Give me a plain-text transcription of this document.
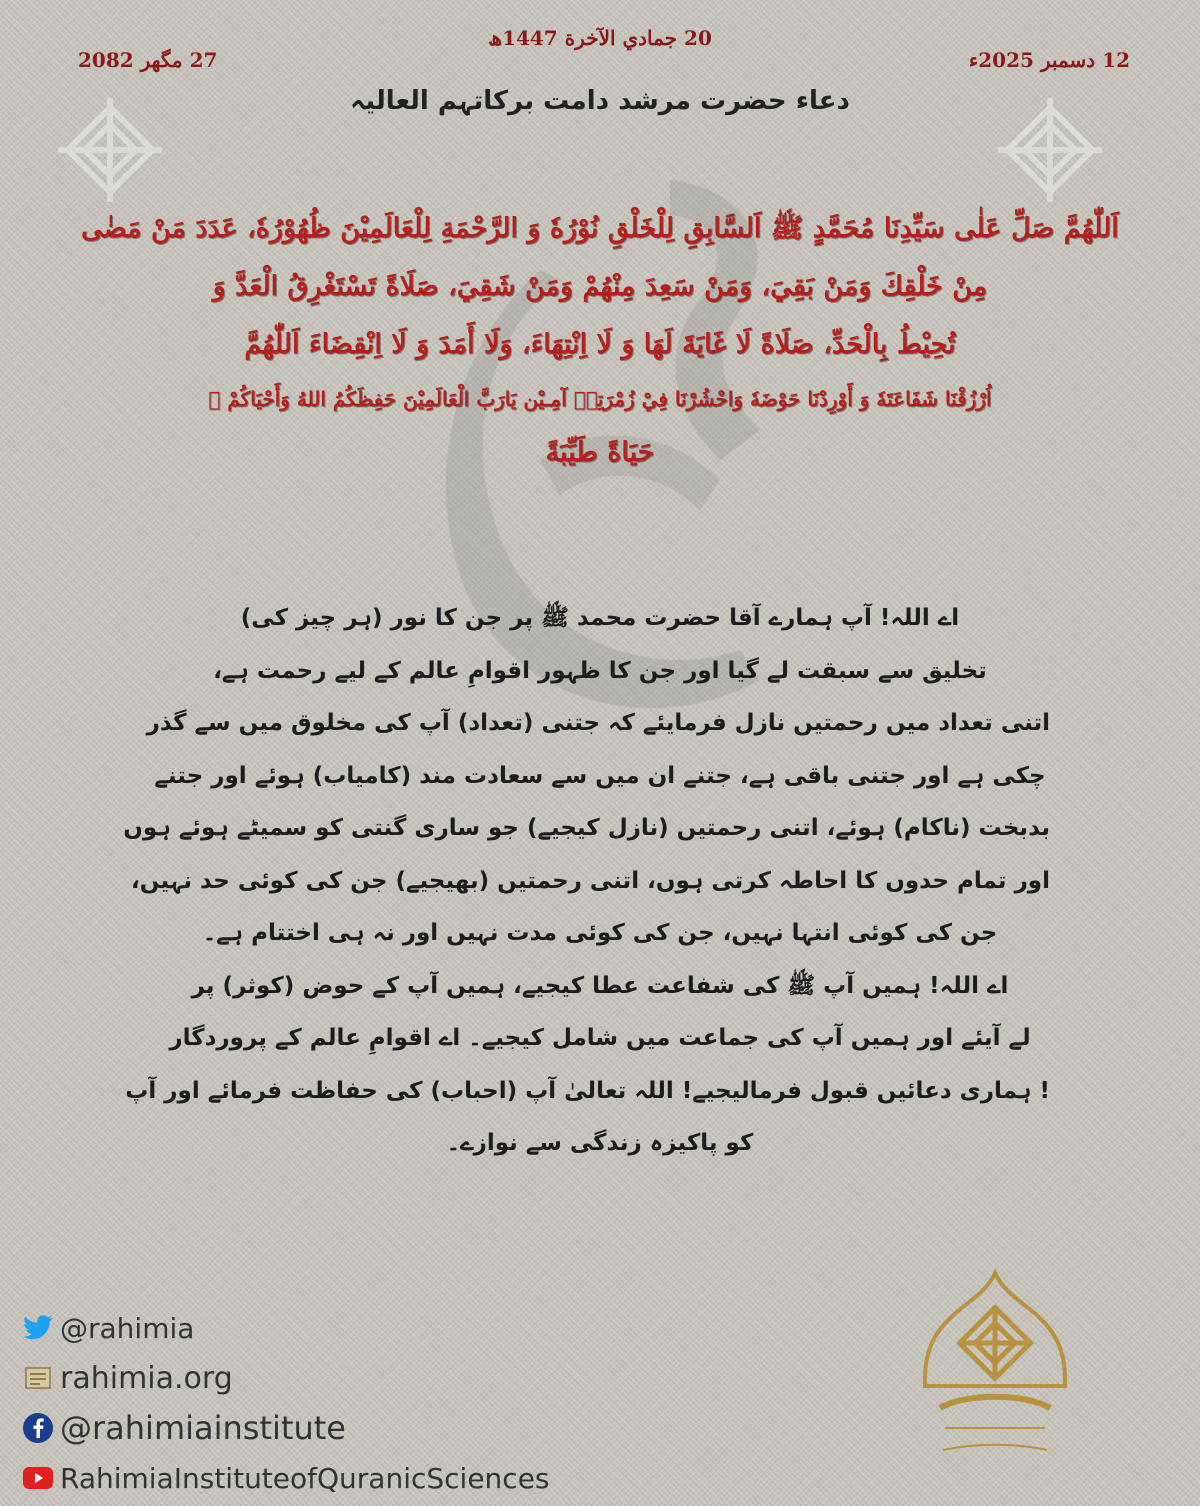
20 جمادي الآخرة 1447ھ
12 دسمبر 2025ء
27 مگھر 2082
دعاء حضرت مرشد دامت برکاتہم العالیہ
اَللّٰهُمَّ صَلِّ عَلٰى سَيِّدِنَا مُحَمَّدٍ ﷺ اَلسَّابِقِ لِلْخَلْقِ نُوْرُهٗ وَ الرَّحْمَةِ لِلْعَالَمِيْنَ ظُهُوْرُهٗ، عَدَدَ مَنْ مَضٰى
مِنْ خَلْقِكَ وَمَنْ بَقِيَ، وَمَنْ سَعِدَ مِنْهُمْ وَمَنْ شَقِيَ، صَلَاةً تَسْتَغْرِقُ الْعَدَّ وَ
تُحِيْطُ بِالْحَدِّ، صَلَاةً لَا غَايَةَ لَهَا وَ لَا اِنْتِهَاءَ، وَلَا أَمَدَ وَ لَا اِنْقِضَاءَ اَللّٰهُمَّ
اُرْزُقْنَا شَفَاعَتَهٗ وَ أَوْرِدْنَا حَوْضَهٗ وَاحْشُرْنَا فِيْ زُمْرَتِهٖ آمِـيْن يَارَبَّ الْعَالَمِيْنَ حَفِظَكُمُ اللهُ وَأَحْيَاكُمْ ﴿
حَيَاةً طَيِّبَةً
اے اللہ! آپ ہمارے آقا حضرت محمد ﷺ پر جن کا نور (ہر چیز کی)
تخلیق سے سبقت لے گیا اور جن کا ظہور اقوامِ عالم کے لیے رحمت ہے،
اتنی تعداد میں رحمتیں نازل فرمایئے کہ جتنی (تعداد) آپ کی مخلوق میں سے گذر
چکی ہے اور جتنی باقی ہے، جتنے ان میں سے سعادت مند (کامیاب) ہوئے اور جتنے
بدبخت (ناکام) ہوئے، اتنی رحمتیں (نازل کیجیے) جو ساری گنتی کو سمیٹے ہوئے ہوں
اور تمام حدوں کا احاطہ کرتی ہوں، اتنی رحمتیں (بھیجیے) جن کی کوئی حد نہیں،
جن کی کوئی انتہا نہیں، جن کی کوئی مدت نہیں اور نہ ہی اختتام ہے۔
اے اللہ! ہمیں آپ ﷺ کی شفاعت عطا کیجیے، ہمیں آپ کے حوض (کوثر) پر
لے آیئے اور ہمیں آپ کی جماعت میں شامل کیجیے۔ اے اقوامِ عالم کے پروردگار
! ہماری دعائیں قبول فرمالیجیے! اللہ تعالیٰ آپ (احباب) کی حفاظت فرمائے اور آپ
کو پاکیزہ زندگی سے نوازے۔
@rahimia
rahimia.org
@rahimiainstitute
RahimiaInstituteofQuranicSciences
